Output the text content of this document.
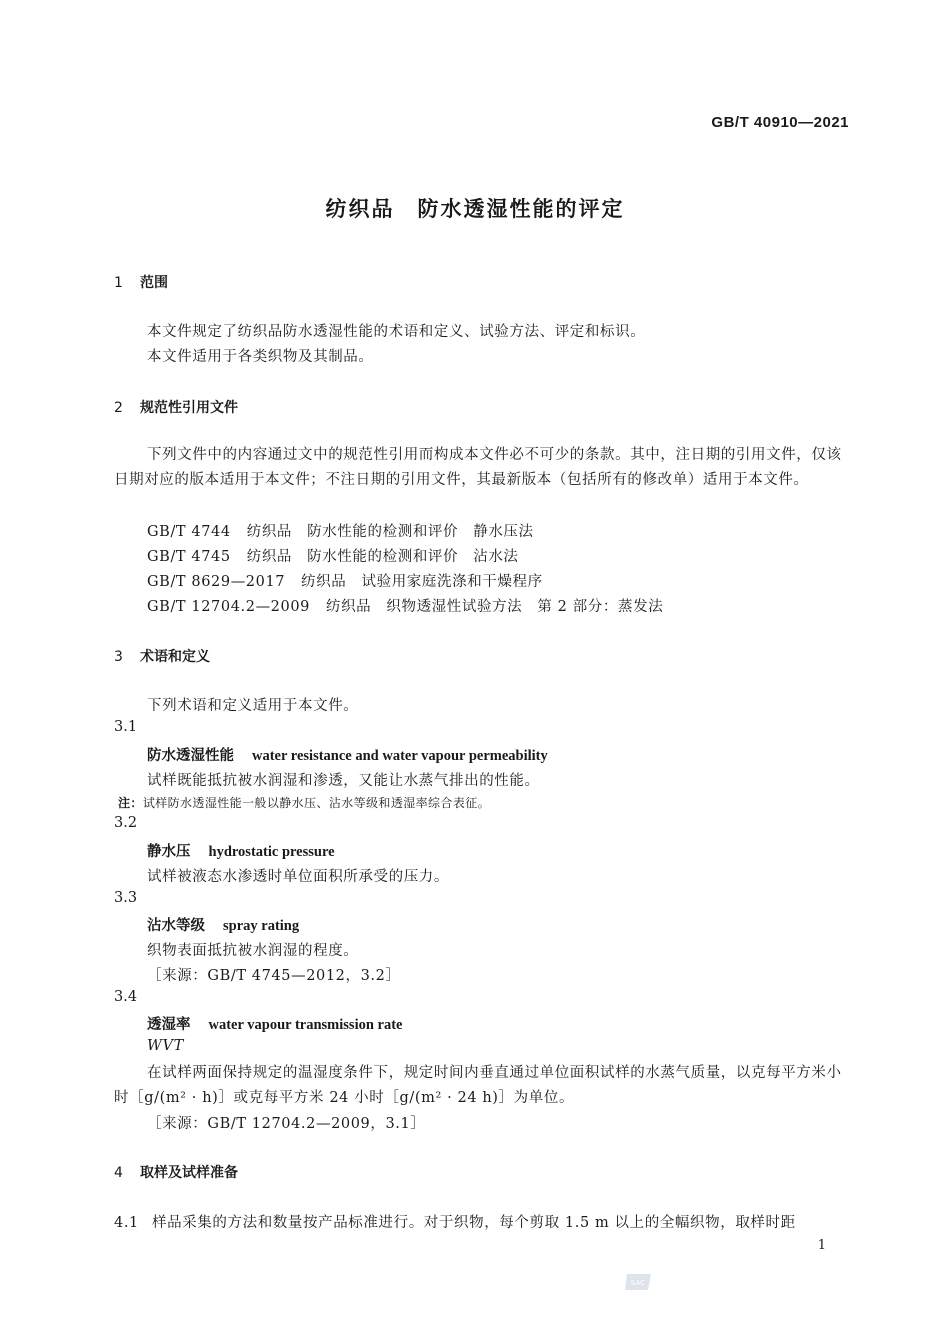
GB/T 40910—2021
纺织品　防水透湿性能的评定
1 范围
本文件规定了纺织品防水透湿性能的术语和定义、试验方法、评定和标识。
本文件适用于各类织物及其制品。
2 规范性引用文件
下列文件中的内容通过文中的规范性引用而构成本文件必不可少的条款。其中，注日期的引用文件，仅该日期对应的版本适用于本文件；不注日期的引用文件，其最新版本（包括所有的修改单）适用于本文件。
GB/T 4744 纺织品　防水性能的检测和评价　静水压法
GB/T 4745 纺织品　防水性能的检测和评价　沾水法
GB/T 8629—2017 纺织品　试验用家庭洗涤和干燥程序
GB/T 12704.2—2009 纺织品　织物透湿性试验方法　第 2 部分：蒸发法
3 术语和定义
下列术语和定义适用于本文件。
3.1
防水透湿性能 water resistance and water vapour permeability
试样既能抵抗被水润湿和渗透，又能让水蒸气排出的性能。
注：试样防水透湿性能一般以静水压、沾水等级和透湿率综合表征。
3.2
静水压 hydrostatic pressure
试样被液态水渗透时单位面积所承受的压力。
3.3
沾水等级 spray rating
织物表面抵抗被水润湿的程度。
［来源：GB/T 4745—2012，3.2］
3.4
透湿率 water vapour transmission rate
WVT
在试样两面保持规定的温湿度条件下，规定时间内垂直通过单位面积试样的水蒸气质量，以克每平方米小时［g/(m² · h)］或克每平方米 24 小时［g/(m² · 24 h)］为单位。
［来源：GB/T 12704.2—2009，3.1］
4 取样及试样准备
4.1 样品采集的方法和数量按产品标准进行。对于织物，每个剪取 1.5 m 以上的全幅织物，取样时距
1
SAC
